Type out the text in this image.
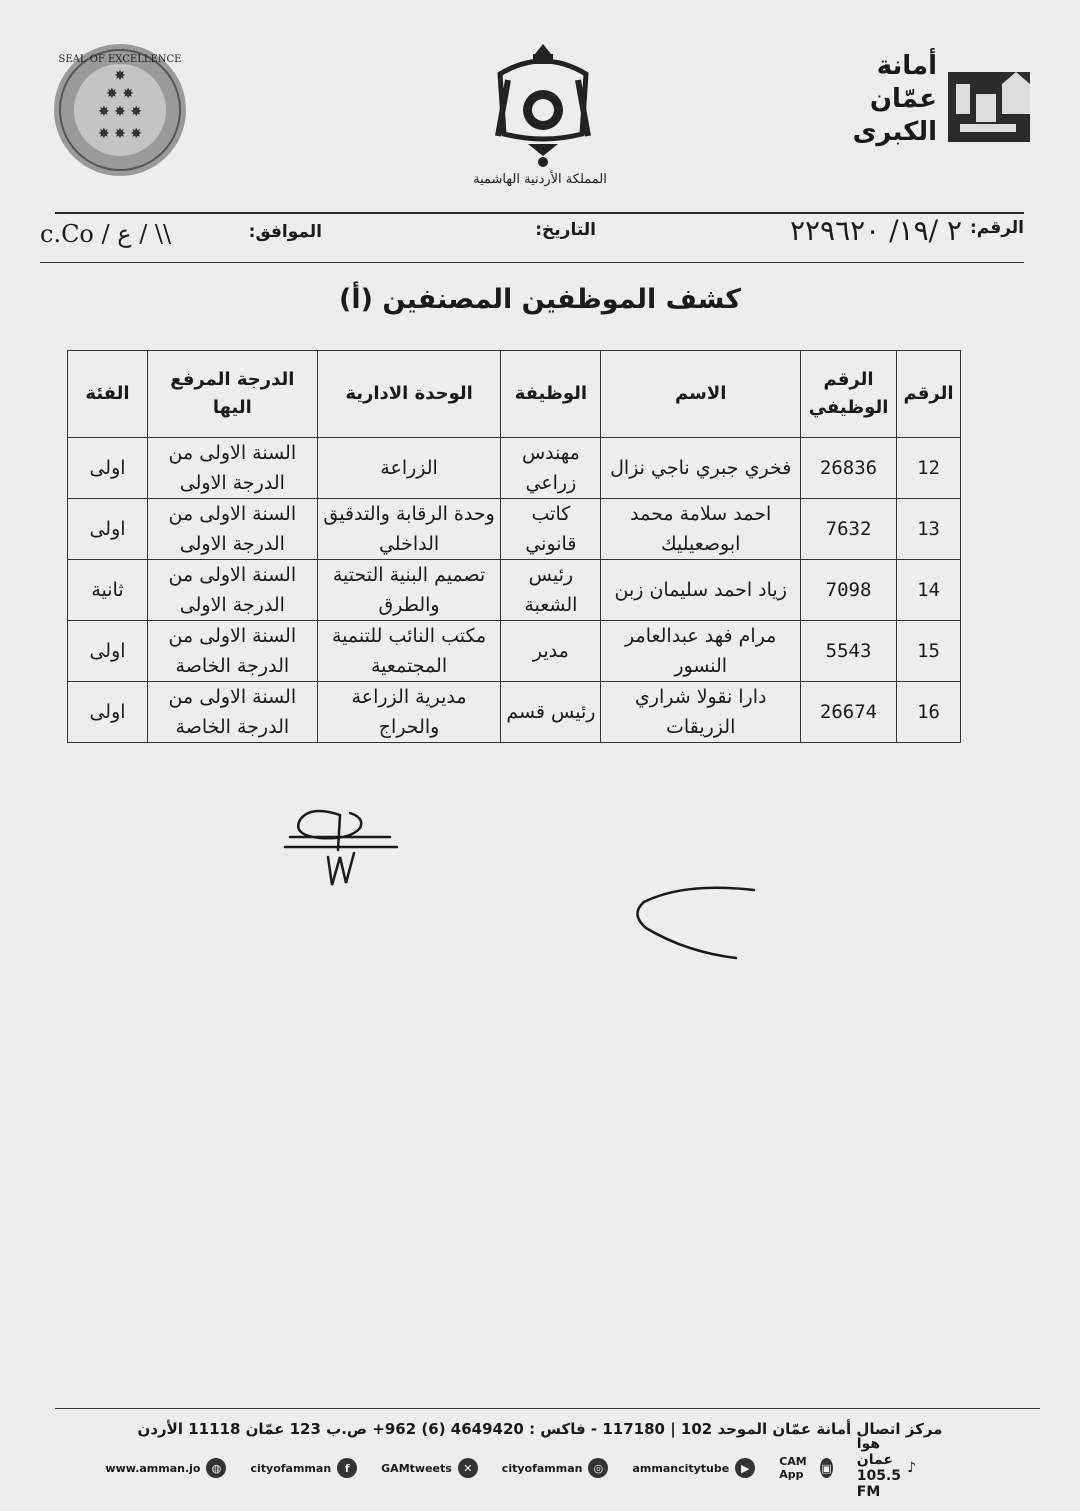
أمانة
عمّان
الكبرى
المملكة الأردنية الهاشمية
SEAL OF EXCELLENCE
✸
✸ ✸
✸ ✸ ✸
✸ ✸ ✸
الرقم:
٢ /١٩/ ٢٢٩٦٢٠
التاريخ:
الموافق:
c.Co / ع / \\
كشف الموظفين المصنفين (أ)
الرقم	الرقم الوظيفي	الاسم	الوظيفة	الوحدة الادارية	الدرجة المرفع اليها	الفئة
12	26836	فخري جبري ناجي نزال	مهندس زراعي	الزراعة	السنة الاولى من الدرجة الاولى	اولى
13	7632	احمد سلامة محمد ابوصعيليك	كاتب قانوني	وحدة الرقابة والتدقيق الداخلي	السنة الاولى من الدرجة الاولى	اولى
14	7098	زياد احمد سليمان زبن	رئيس الشعبة	تصميم البنية التحتية والطرق	السنة الاولى من الدرجة الاولى	ثانية
15	5543	مرام فهد عبدالعامر النسور	مدير	مكتب النائب للتنمية المجتمعية	السنة الاولى من الدرجة الخاصة	اولى
16	26674	دارا نقولا شراري الزريقات	رئيس قسم	مديرية الزراعة والحراج	السنة الاولى من الدرجة الخاصة	اولى
مركز اتصال أمانة عمّان الموحد 102 | 117180 - فاكس : 4649420 (6) 962+ ص.ب 123 عمّان 11118 الأردن
♪
هوا عمان 105.5 FM
▣
CAM App
▶
ammancitytube
◎
cityofamman
✕
GAMtweets
f
cityofamman
◍
www.amman.jo
